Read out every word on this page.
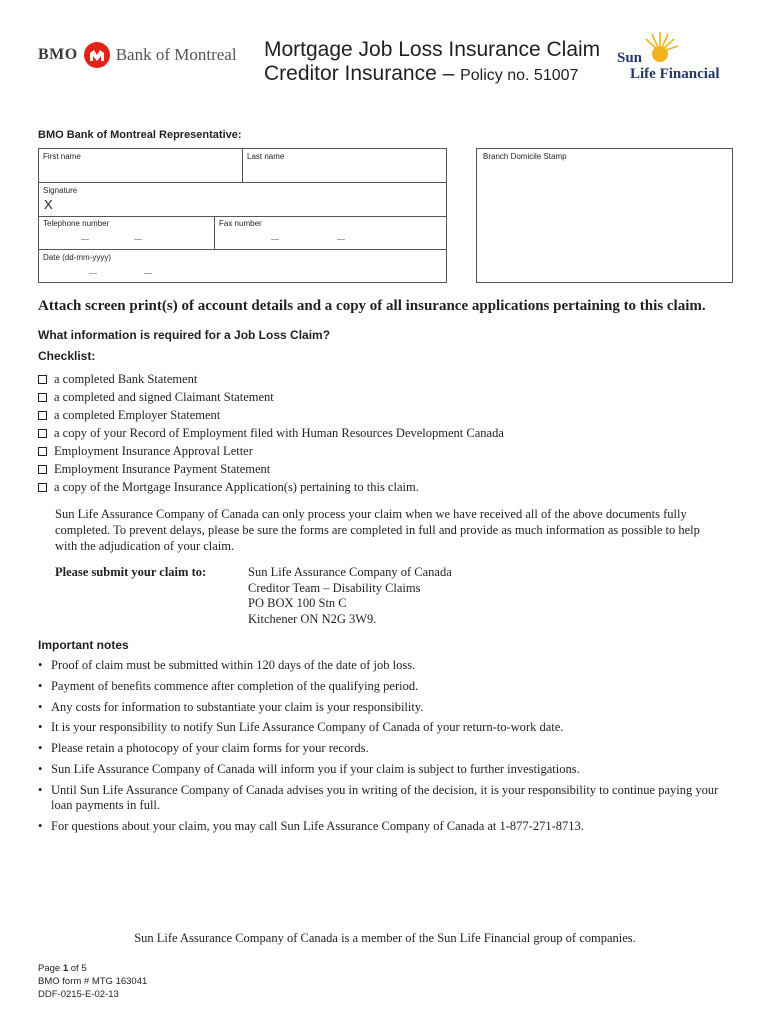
BMO Bank of Montreal Mortgage Job Loss Insurance Claim
Creditor Insurance – Policy no. 51007
Sun
Life Financial
BMO Bank of Montreal Representative:
First name	Last name
Signature
X
Telephone number	Fax number
Date (dd-mm-yyyy)
Branch Domicile Stamp
Attach screen print(s) of account details and a copy of all insurance applications pertaining to this claim.
What information is required for a Job Loss Claim?
Checklist:
a completed Bank Statement
a completed and signed Claimant Statement
a completed Employer Statement
a copy of your Record of Employment filed with Human Resources Development Canada
Employment Insurance Approval Letter
Employment Insurance Payment Statement
a copy of the Mortgage Insurance Application(s) pertaining to this claim.
Sun Life Assurance Company of Canada can only process your claim when we have received all of the above documents fully completed. To prevent delays, please be sure the forms are completed in full and provide as much information as possible to help with the adjudication of your claim.
Please submit your claim to:	Sun Life Assurance Company of Canada
Creditor Team – Disability Claims
PO BOX 100 Stn C
Kitchener ON N2G 3W9.
Important notes
• Proof of claim must be submitted within 120 days of the date of job loss.
• Payment of benefits commence after completion of the qualifying period.
• Any costs for information to substantiate your claim is your responsibility.
• It is your responsibility to notify Sun Life Assurance Company of Canada of your return-to-work date.
• Please retain a photocopy of your claim forms for your records.
• Sun Life Assurance Company of Canada will inform you if your claim is subject to further investigations.
• Until Sun Life Assurance Company of Canada advises you in writing of the decision, it is your responsibility to continue paying your loan payments in full.
• For questions about your claim, you may call Sun Life Assurance Company of Canada at 1-877-271-8713.
Sun Life Assurance Company of Canada is a member of the Sun Life Financial group of companies.
Page 1 of 5
BMO form # MTG 163041
DDF-0215-E-02-13
